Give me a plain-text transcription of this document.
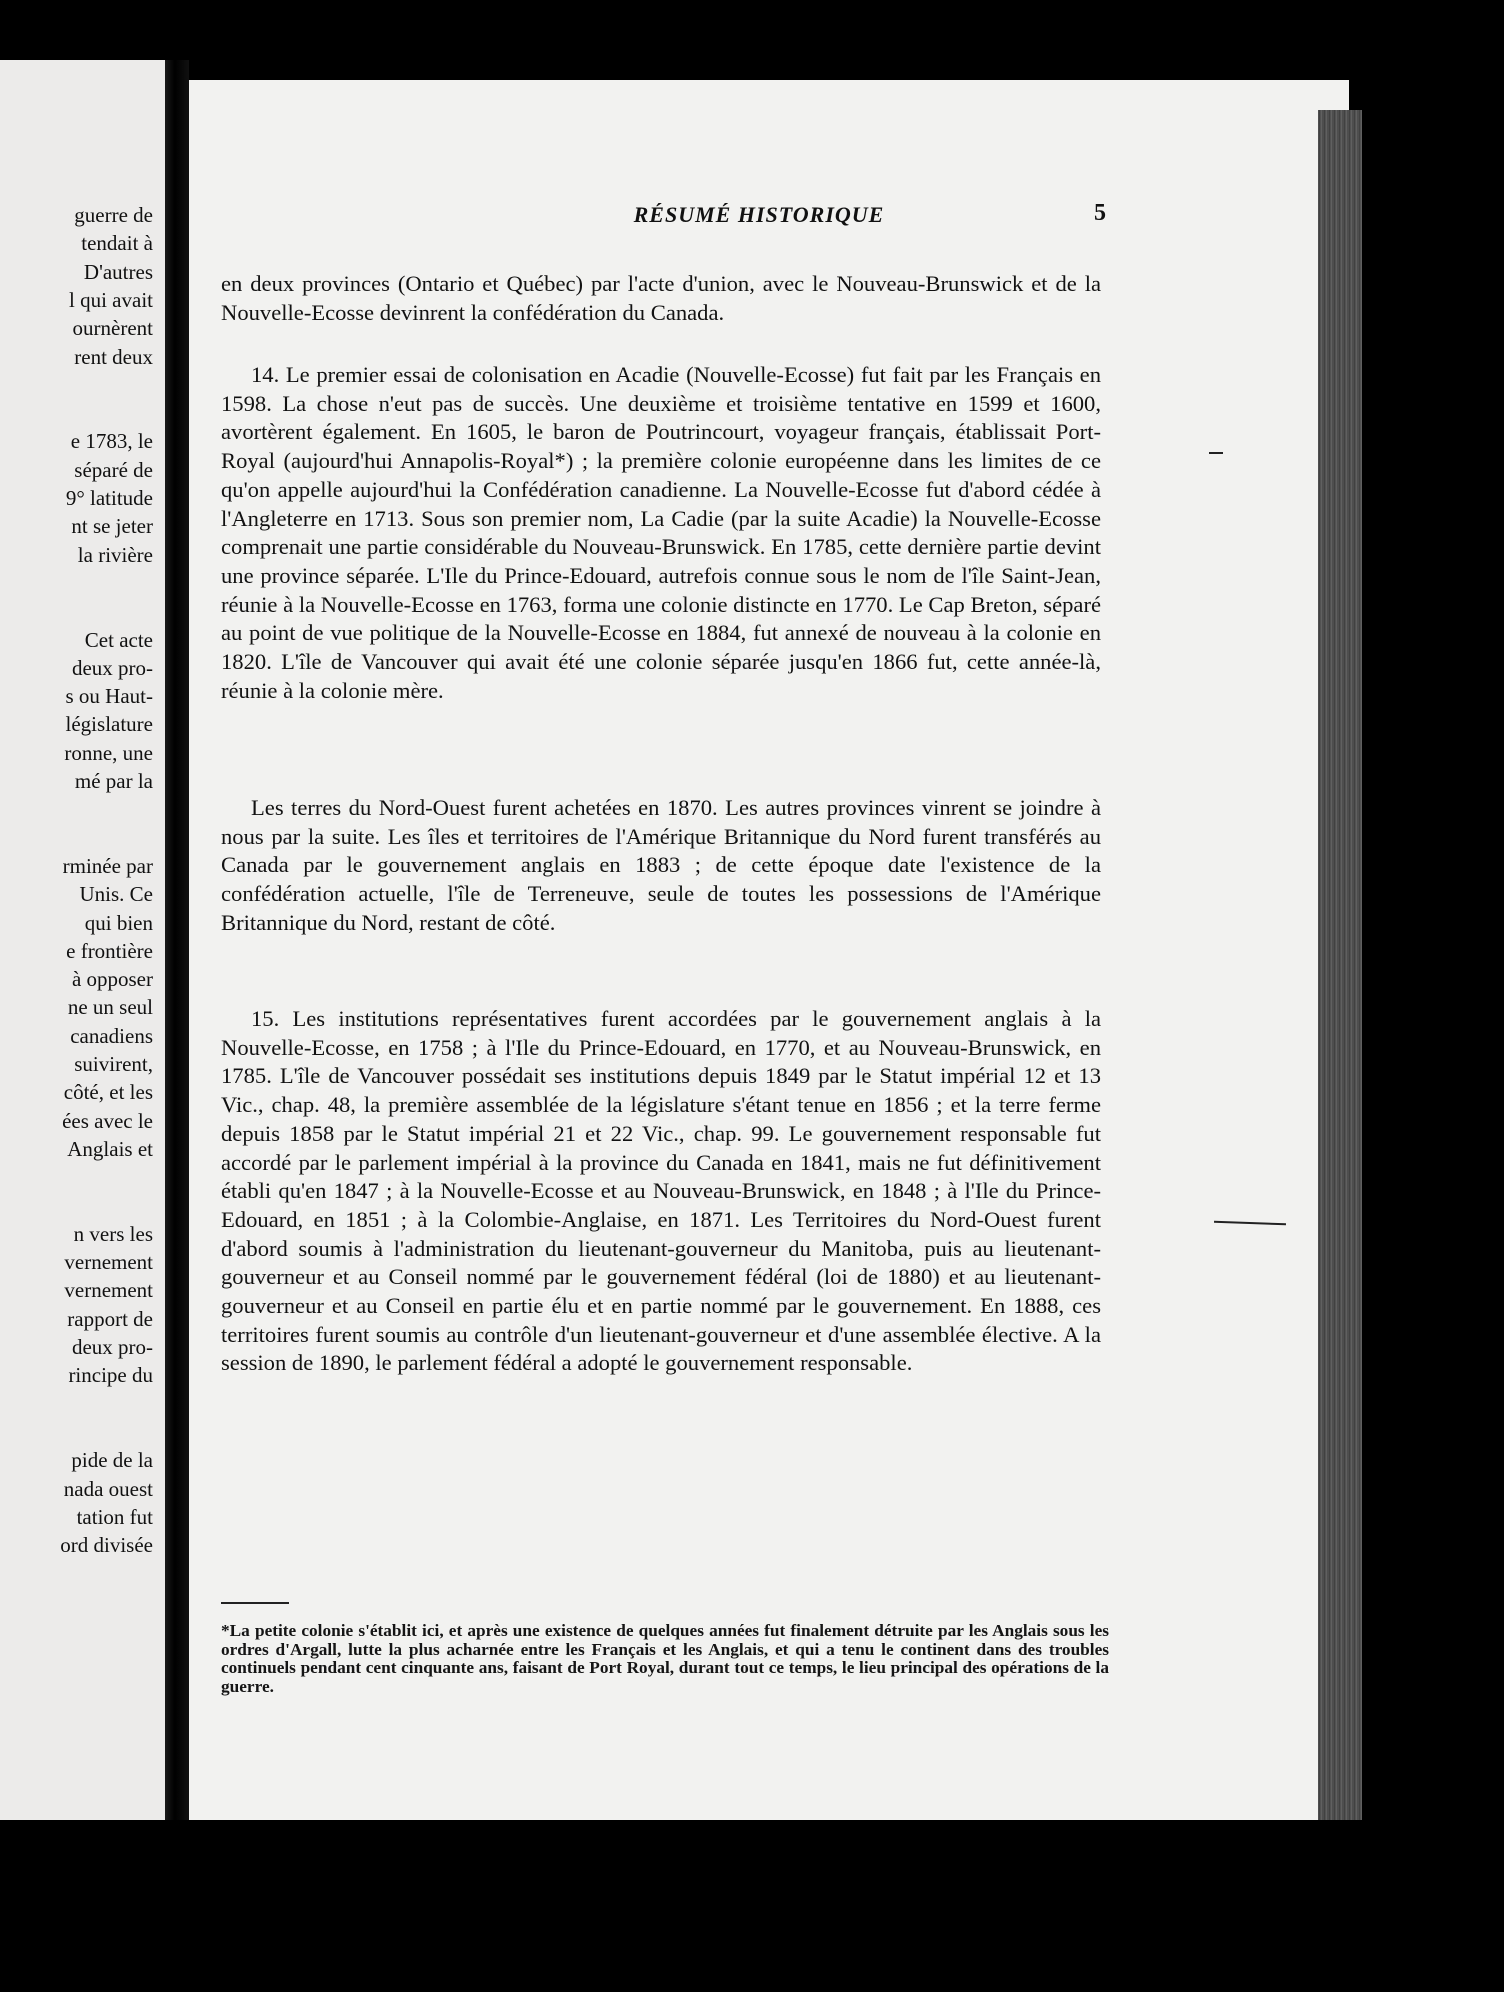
guerre de
tendait à
D'autres
l qui avait
ournèrent
rent deux
e 1783, le
séparé de
9° latitude
nt se jeter
la rivière
Cet acte
deux pro-
s ou Haut-
législature
ronne, une
mé par la
rminée par
Unis. Ce
qui bien
e frontière
à opposer
ne un seul
canadiens
suivirent,
côté, et les
ées avec le
Anglais et
n vers les
vernement
vernement
rapport de
deux pro-
rincipe du
pide de la
nada ouest
tation fut
ord divisée
RÉSUMÉ HISTORIQUE	5

en deux provinces (Ontario et Québec) par l'acte d'union, avec le Nouveau-Brunswick et de la Nouvelle-Ecosse devinrent la confédération du Canada.

14. Le premier essai de colonisation en Acadie (Nouvelle-Ecosse) fut fait par les Français en 1598. La chose n'eut pas de succès. Une deuxième et troisième tentative en 1599 et 1600, avortèrent également. En 1605, le baron de Poutrincourt, voyageur français, établissait Port-Royal (aujourd'hui Annapolis-Royal*) ; la première colonie européenne dans les limites de ce qu'on appelle aujourd'hui la Confédération canadienne. La Nouvelle-Ecosse fut d'abord cédée à l'Angleterre en 1713. Sous son premier nom, La Cadie (par la suite Acadie) la Nouvelle-Ecosse comprenait une partie considérable du Nouveau-Brunswick. En 1785, cette dernière partie devint une province séparée. L'Ile du Prince-Edouard, autrefois connue sous le nom de l'île Saint-Jean, réunie à la Nouvelle-Ecosse en 1763, forma une colonie distincte en 1770. Le Cap Breton, séparé au point de vue politique de la Nouvelle-Ecosse en 1884, fut annexé de nouveau à la colonie en 1820. L'île de Vancouver qui avait été une colonie séparée jusqu'en 1866 fut, cette année-là, réunie à la colonie mère.

Les terres du Nord-Ouest furent achetées en 1870. Les autres provinces vinrent se joindre à nous par la suite. Les îles et territoires de l'Amérique Britannique du Nord furent transférés au Canada par le gouvernement anglais en 1883 ; de cette époque date l'existence de la confédération actuelle, l'île de Terreneuve, seule de toutes les possessions de l'Amérique Britannique du Nord, restant de côté.

15. Les institutions représentatives furent accordées par le gouvernement anglais à la Nouvelle-Ecosse, en 1758 ; à l'Ile du Prince-Edouard, en 1770, et au Nouveau-Brunswick, en 1785. L'île de Vancouver possédait ses institutions depuis 1849 par le Statut impérial 12 et 13 Vic., chap. 48, la première assemblée de la législature s'étant tenue en 1856 ; et la terre ferme depuis 1858 par le Statut impérial 21 et 22 Vic., chap. 99. Le gouvernement responsable fut accordé par le parlement impérial à la province du Canada en 1841, mais ne fut définitivement établi qu'en 1847 ; à la Nouvelle-Ecosse et au Nouveau-Brunswick, en 1848 ; à l'Ile du Prince-Edouard, en 1851 ; à la Colombie-Anglaise, en 1871. Les Territoires du Nord-Ouest furent d'abord soumis à l'administration du lieutenant-gouverneur du Manitoba, puis au lieutenant-gouverneur et au Conseil nommé par le gouvernement fédéral (loi de 1880) et au lieutenant-gouverneur et au Conseil en partie élu et en partie nommé par le gouvernement. En 1888, ces territoires furent soumis au contrôle d'un lieutenant-gouverneur et d'une assemblée élective. A la session de 1890, le parlement fédéral a adopté le gouvernement responsable.

*La petite colonie s'établit ici, et après une existence de quelques années fut finalement détruite par les Anglais sous les ordres d'Argall, lutte la plus acharnée entre les Français et les Anglais, et qui a tenu le continent dans des troubles continuels pendant cent cinquante ans, faisant de Port Royal, durant tout ce temps, le lieu principal des opérations de la guerre.
